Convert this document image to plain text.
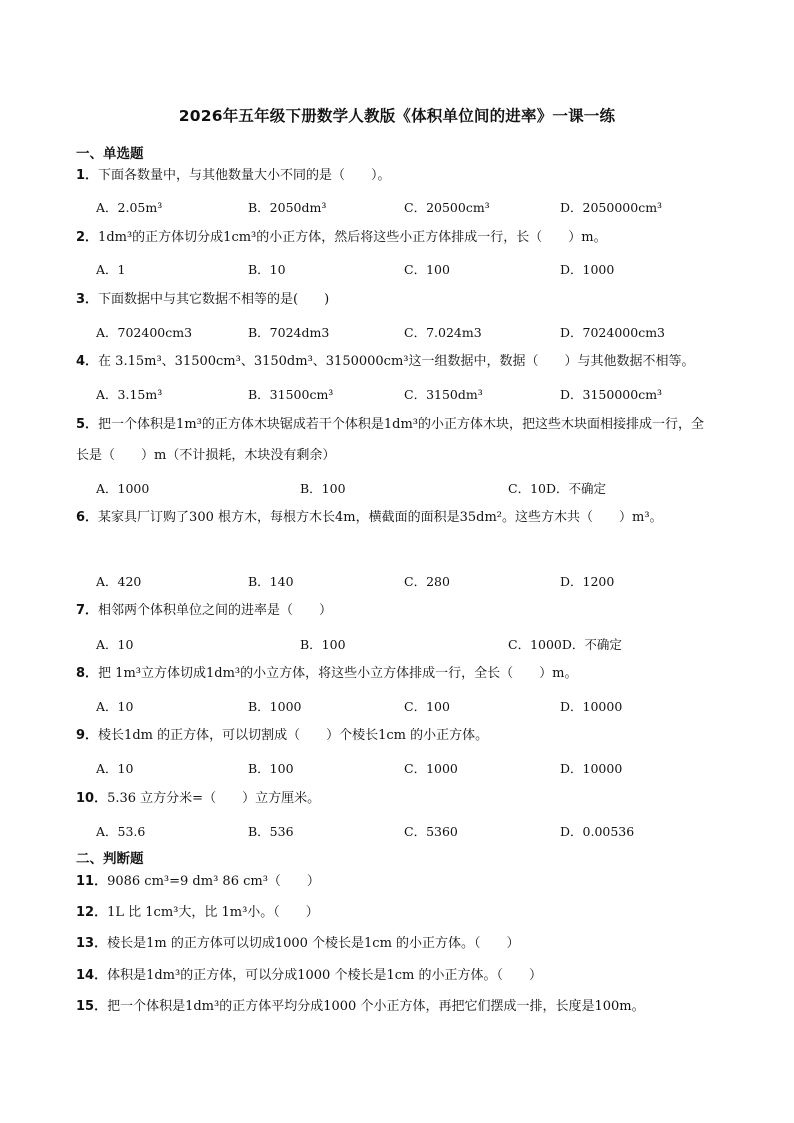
2026年五年级下册数学人教版《体积单位间的进率》一课一练
一、单选题
1．下面各数量中，与其他数量大小不同的是（　　）。
A．2.05m³	B．2050dm³	C．20500cm³	D．2050000cm³
2．1dm³的正方体切分成1cm³的小正方体，然后将这些小正方体排成一行，长（　　）m。
A．1	B．10	C．100	D．1000
3．下面数据中与其它数据不相等的是(　　)
A．702400cm3	B．7024dm3	C．7.024m3	D．7024000cm3
4．在 3.15m³、31500cm³、3150dm³、3150000cm³这一组数据中，数据（　　）与其他数据不相等。
A．3.15m³	B．31500cm³	C．3150dm³	D．3150000cm³
5．把一个体积是1m³的正方体木块锯成若干个体积是1dm³的小正方体木块，把这些木块面相接排成一行，全长是（　　）m（不计损耗，木块没有剩余）
A．1000	B．100	C．10D．不确定
6．某家具厂订购了300 根方木，每根方木长4m，横截面的面积是35dm²。这些方木共（　　）m³。
A．420	B．140	C．280	D．1200
7．相邻两个体积单位之间的进率是（　　）
A．10	B．100	C．1000D．不确定
8．把 1m³立方体切成1dm³的小立方体，将这些小立方体排成一行，全长（　　）m。
A．10	B．1000	C．100	D．10000
9．棱长1dm 的正方体，可以切割成（　　）个棱长1cm 的小正方体。
A．10	B．100	C．1000	D．10000
10．5.36 立方分米=（　　）立方厘米。
A．53.6	B．536	C．5360	D．0.00536
二、判断题
11．9086 cm³=9 dm³ 86 cm³（　　）
12．1L 比 1cm³大，比 1m³小。（　　）
13．棱长是1m 的正方体可以切成1000 个棱长是1cm 的小正方体。（　　）
14．体积是1dm³的正方体，可以分成1000 个棱长是1cm 的小正方体。（　　）
15．把一个体积是1dm³的正方体平均分成1000 个小正方体，再把它们摆成一排，长度是100m。
